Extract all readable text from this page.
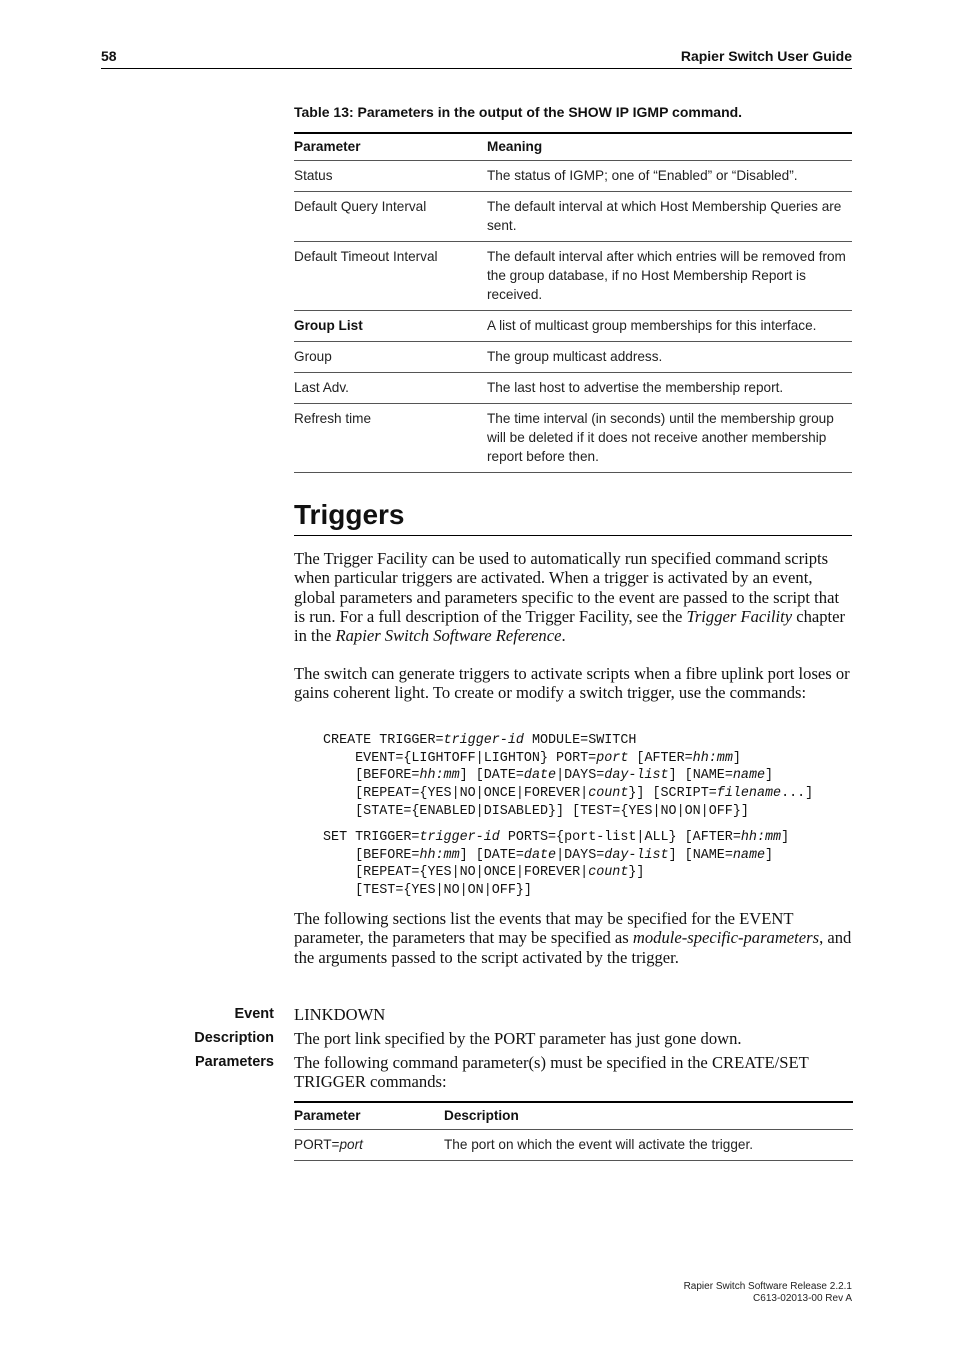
58	Rapier Switch User Guide
Table 13: Parameters in the output of the SHOW IP IGMP command.
Parameter	Meaning
Status	The status of IGMP; one of “Enabled” or “Disabled”.
Default Query Interval	The default interval at which Host Membership Queries are sent.
Default Timeout Interval	The default interval after which entries will be removed from the group database, if no Host Membership Report is received.
Group List	A list of multicast group memberships for this interface.
Group	The group multicast address.
Last Adv.	The last host to advertise the membership report.
Refresh time	The time interval (in seconds) until the membership group will be deleted if it does not receive another membership report before then.
Triggers

The Trigger Facility can be used to automatically run specified command scripts when particular triggers are activated. When a trigger is activated by an event, global parameters and parameters specific to the event are passed to the script that is run. For a full description of the Trigger Facility, see the Trigger Facility chapter in the Rapier Switch Software Reference.

The switch can generate triggers to activate scripts when a fibre uplink port loses or gains coherent light. To create or modify a switch trigger, use the commands:

CREATE TRIGGER=trigger-id MODULE=SWITCH
EVENT={LIGHTOFF|LIGHTON} PORT=port [AFTER=hh:mm]
[BEFORE=hh:mm] [DATE=date|DAYS=day-list] [NAME=name]
[REPEAT={YES|NO|ONCE|FOREVER|count}] [SCRIPT=filename...]
[STATE={ENABLED|DISABLED}] [TEST={YES|NO|ON|OFF}]
SET TRIGGER=trigger-id PORTS={port-list|ALL} [AFTER=hh:mm]
[BEFORE=hh:mm] [DATE=date|DAYS=day-list] [NAME=name]
[REPEAT={YES|NO|ONCE|FOREVER|count}]
[TEST={YES|NO|ON|OFF}]

The following sections list the events that may be specified for the EVENT parameter, the parameters that may be specified as module-specific-parameters, and the arguments passed to the script activated by the trigger.

Event LINKDOWN
Description The port link specified by the PORT parameter has just gone down.
Parameters The following command parameter(s) must be specified in the CREATE/SET TRIGGER commands:
Parameter	Description
PORT=port	The port on which the event will activate the trigger.
Rapier Switch Software Release 2.2.1
C613-02013-00 Rev A
